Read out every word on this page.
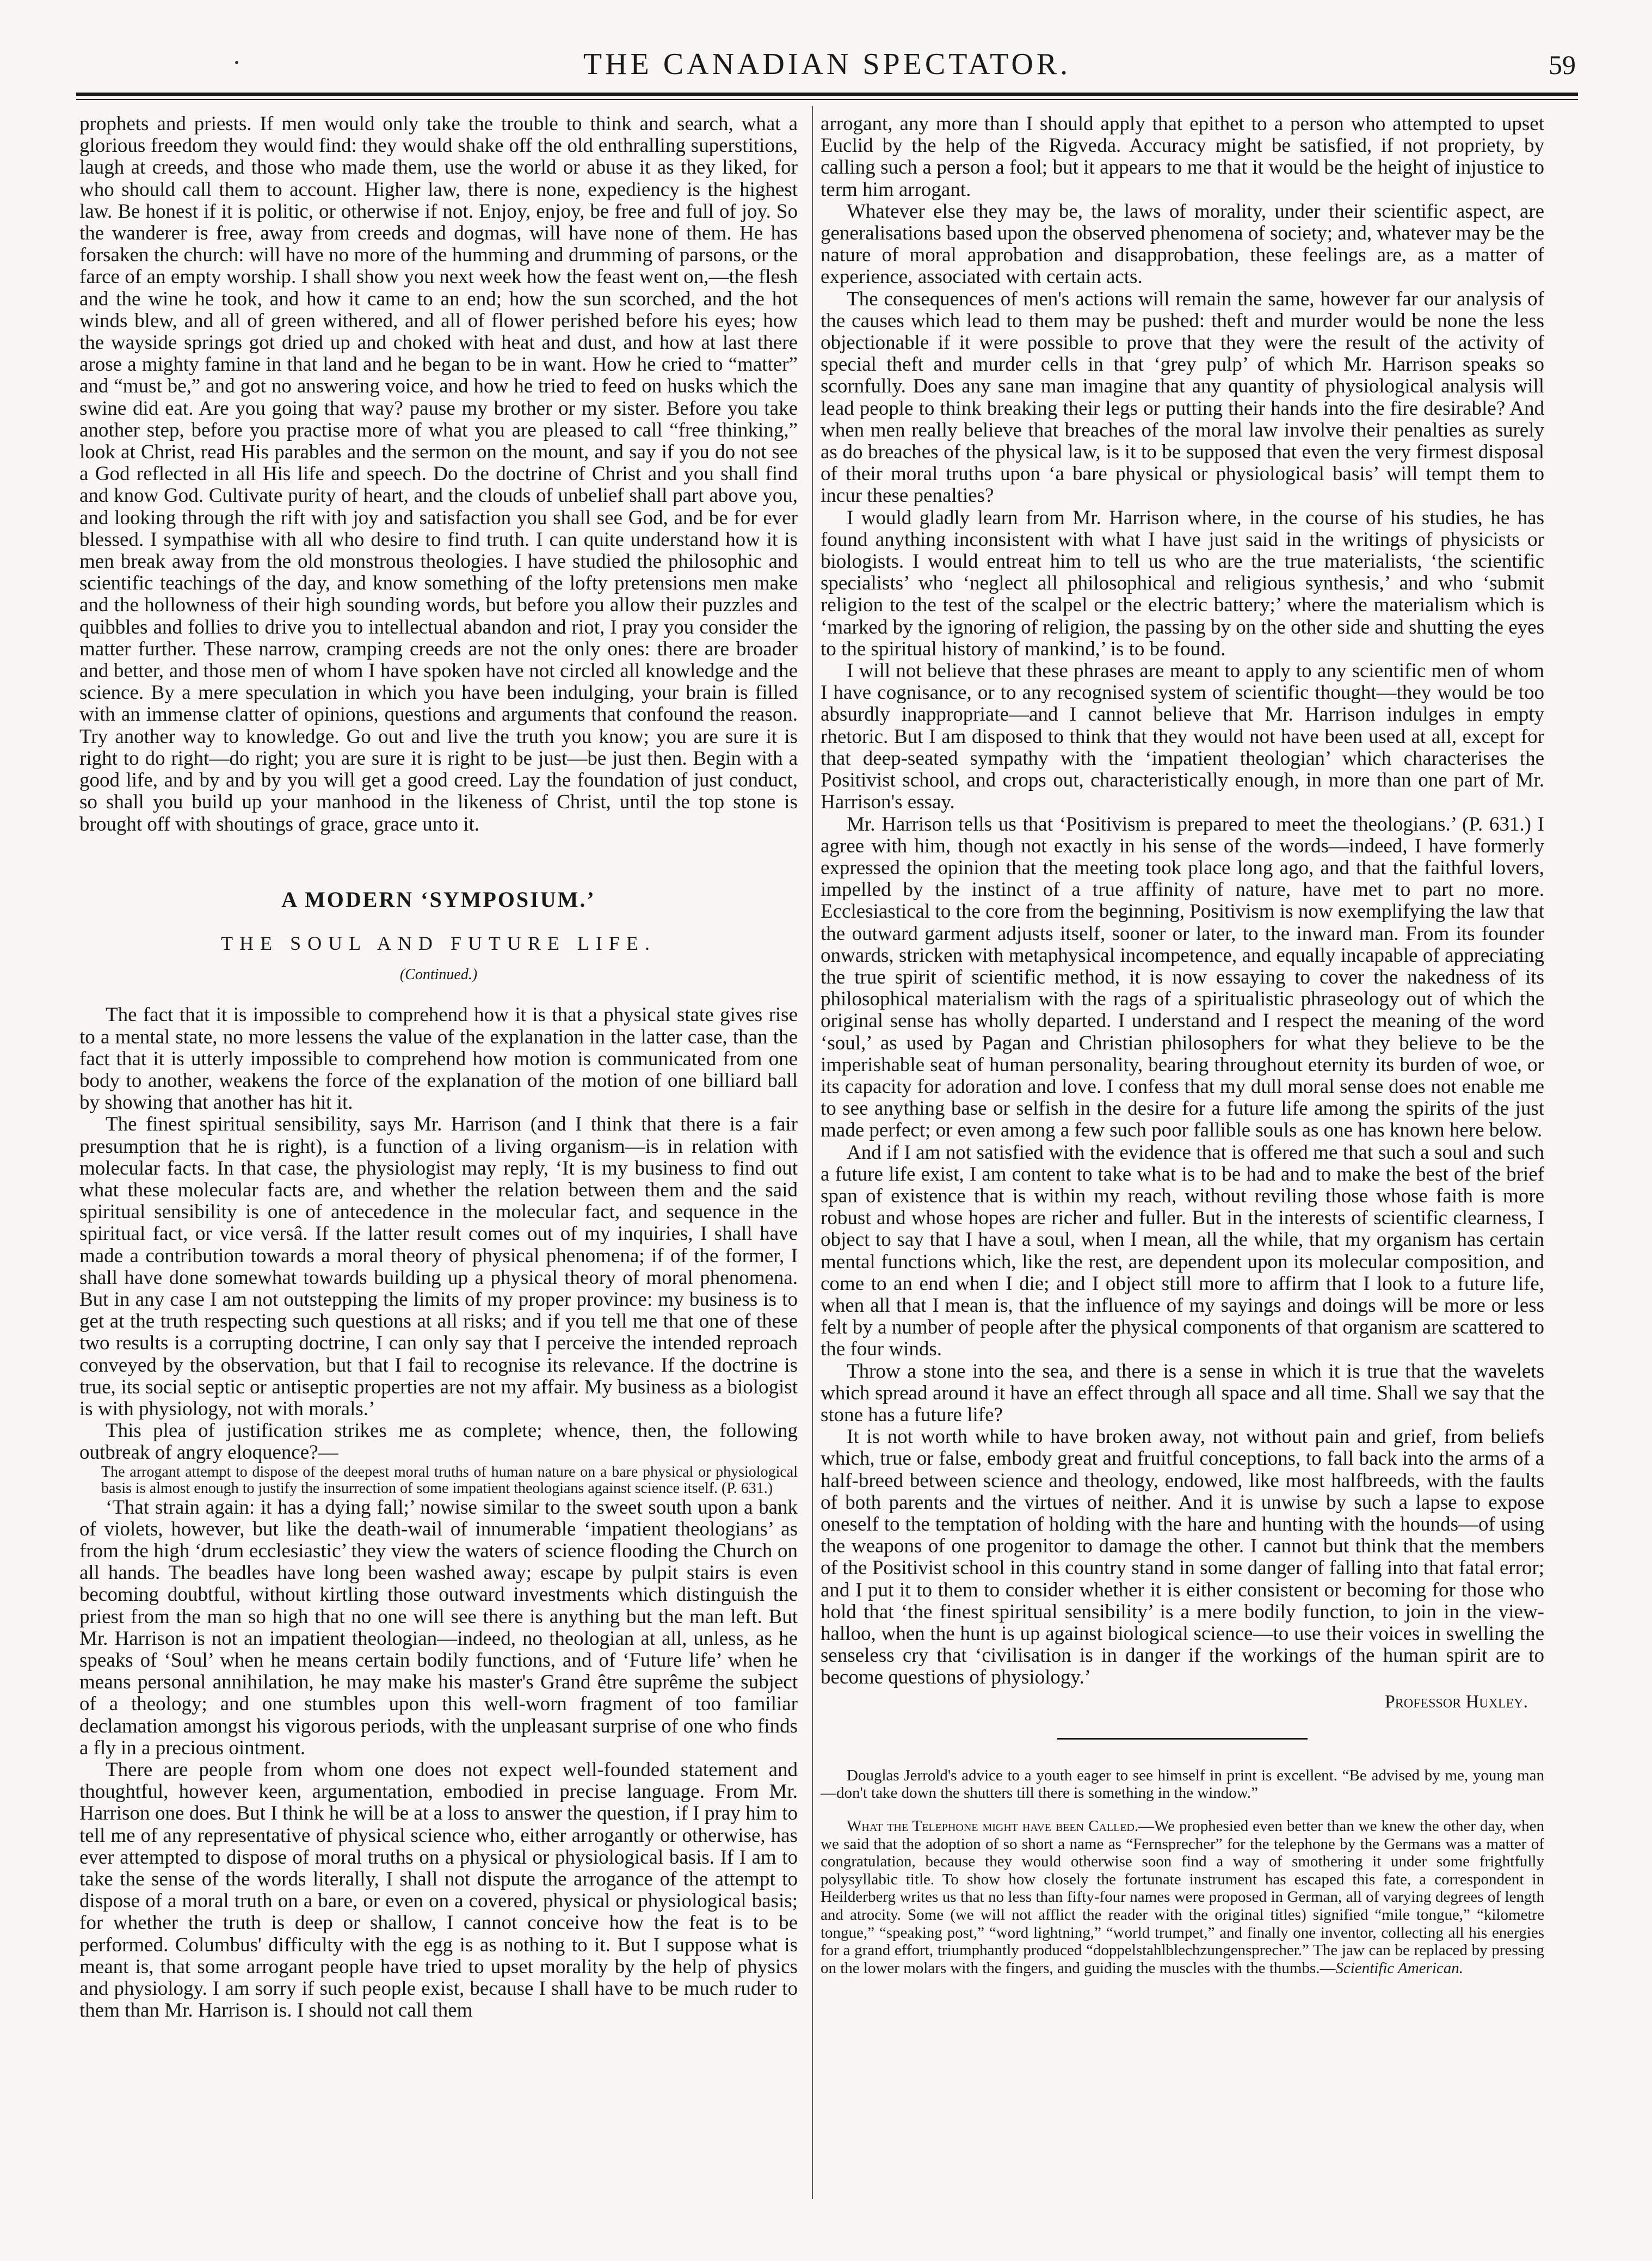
THE CANADIAN SPECTATOR.	59

prophets and priests. If men would only take the trouble to think and search, what a glorious freedom they would find: they would shake off the old enthralling superstitions, laugh at creeds, and those who made them, use the world or abuse it as they liked, for who should call them to account. Higher law, there is none, expediency is the highest law. Be honest if it is politic, or otherwise if not. Enjoy, enjoy, be free and full of joy. So the wanderer is free, away from creeds and dogmas, will have none of them. He has forsaken the church: will have no more of the humming and drumming of parsons, or the farce of an empty worship. I shall show you next week how the feast went on,—the flesh and the wine he took, and how it came to an end; how the sun scorched, and the hot winds blew, and all of green withered, and all of flower perished before his eyes; how the wayside springs got dried up and choked with heat and dust, and how at last there arose a mighty famine in that land and he began to be in want. How he cried to “matter” and “must be,” and got no answering voice, and how he tried to feed on husks which the swine did eat. Are you going that way? pause my brother or my sister. Before you take another step, before you practise more of what you are pleased to call “free thinking,” look at Christ, read His parables and the sermon on the mount, and say if you do not see a God reflected in all His life and speech. Do the doctrine of Christ and you shall find and know God. Cultivate purity of heart, and the clouds of unbelief shall part above you, and looking through the rift with joy and satisfaction you shall see God, and be for ever blessed. I sympathise with all who desire to find truth. I can quite understand how it is men break away from the old monstrous theologies. I have studied the philosophic and scientific teachings of the day, and know something of the lofty pretensions men make and the hollowness of their high sounding words, but before you allow their puzzles and quibbles and follies to drive you to intellectual abandon and riot, I pray you consider the matter further. These narrow, cramping creeds are not the only ones: there are broader and better, and those men of whom I have spoken have not circled all knowledge and the science. By a mere speculation in which you have been indulging, your brain is filled with an immense clatter of opinions, questions and arguments that confound the reason. Try another way to knowledge. Go out and live the truth you know; you are sure it is right to do right—do right; you are sure it is right to be just—be just then. Begin with a good life, and by and by you will get a good creed. Lay the foundation of just conduct, so shall you build up your manhood in the likeness of Christ, until the top stone is brought off with shoutings of grace, grace unto it.

A MODERN ‘SYMPOSIUM.’
THE SOUL AND FUTURE LIFE.
(Continued.)

The fact that it is impossible to comprehend how it is that a physical state gives rise to a mental state, no more lessens the value of the explanation in the latter case, than the fact that it is utterly impossible to comprehend how motion is communicated from one body to another, weakens the force of the explanation of the motion of one billiard ball by showing that another has hit it.

The finest spiritual sensibility, says Mr. Harrison (and I think that there is a fair presumption that he is right), is a function of a living organism—is in relation with molecular facts. In that case, the physiologist may reply, ‘It is my business to find out what these molecular facts are, and whether the relation between them and the said spiritual sensibility is one of antecedence in the molecular fact, and sequence in the spiritual fact, or vice versâ. If the latter result comes out of my inquiries, I shall have made a contribution towards a moral theory of physical phenomena; if of the former, I shall have done somewhat towards building up a physical theory of moral phenomena. But in any case I am not outstepping the limits of my proper province: my business is to get at the truth respecting such questions at all risks; and if you tell me that one of these two results is a corrupting doctrine, I can only say that I perceive the intended reproach conveyed by the observation, but that I fail to recognise its relevance. If the doctrine is true, its social septic or antiseptic properties are not my affair. My business as a biologist is with physiology, not with morals.’

This plea of justification strikes me as complete; whence, then, the following outbreak of angry eloquence?—

The arrogant attempt to dispose of the deepest moral truths of human nature on a bare physical or physiological basis is almost enough to justify the insurrection of some impatient theologians against science itself. (P. 631.)

‘That strain again: it has a dying fall;’ nowise similar to the sweet south upon a bank of violets, however, but like the death-wail of innumerable ‘impatient theologians’ as from the high ‘drum ecclesiastic’ they view the waters of science flooding the Church on all hands. The beadles have long been washed away; escape by pulpit stairs is even becoming doubtful, without kirtling those outward investments which distinguish the priest from the man so high that no one will see there is anything but the man left. But Mr. Harrison is not an impatient theologian—indeed, no theologian at all, unless, as he speaks of ‘Soul’ when he means certain bodily functions, and of ‘Future life’ when he means personal annihilation, he may make his master's Grand être suprême the subject of a theology; and one stumbles upon this well-worn fragment of too familiar declamation amongst his vigorous periods, with the unpleasant surprise of one who finds a fly in a precious ointment.

There are people from whom one does not expect well-founded statement and thoughtful, however keen, argumentation, embodied in precise language. From Mr. Harrison one does. But I think he will be at a loss to answer the question, if I pray him to tell me of any representative of physical science who, either arrogantly or otherwise, has ever attempted to dispose of moral truths on a physical or physiological basis. If I am to take the sense of the words literally, I shall not dispute the arrogance of the attempt to dispose of a moral truth on a bare, or even on a covered, physical or physiological basis; for whether the truth is deep or shallow, I cannot conceive how the feat is to be performed. Columbus' difficulty with the egg is as nothing to it. But I suppose what is meant is, that some arrogant people have tried to upset morality by the help of physics and physiology. I am sorry if such people exist, because I shall have to be much ruder to them than Mr. Harrison is. I should not call them

arrogant, any more than I should apply that epithet to a person who attempted to upset Euclid by the help of the Rigveda. Accuracy might be satisfied, if not propriety, by calling such a person a fool; but it appears to me that it would be the height of injustice to term him arrogant.

Whatever else they may be, the laws of morality, under their scientific aspect, are generalisations based upon the observed phenomena of society; and, whatever may be the nature of moral approbation and disapprobation, these feelings are, as a matter of experience, associated with certain acts.

The consequences of men's actions will remain the same, however far our analysis of the causes which lead to them may be pushed: theft and murder would be none the less objectionable if it were possible to prove that they were the result of the activity of special theft and murder cells in that ‘grey pulp’ of which Mr. Harrison speaks so scornfully. Does any sane man imagine that any quantity of physiological analysis will lead people to think breaking their legs or putting their hands into the fire desirable? And when men really believe that breaches of the moral law involve their penalties as surely as do breaches of the physical law, is it to be supposed that even the very firmest disposal of their moral truths upon ‘a bare physical or physiological basis’ will tempt them to incur these penalties?

I would gladly learn from Mr. Harrison where, in the course of his studies, he has found anything inconsistent with what I have just said in the writings of physicists or biologists. I would entreat him to tell us who are the true materialists, ‘the scientific specialists’ who ‘neglect all philosophical and religious synthesis,’ and who ‘submit religion to the test of the scalpel or the electric battery;’ where the materialism which is ‘marked by the ignoring of religion, the passing by on the other side and shutting the eyes to the spiritual history of mankind,’ is to be found.

I will not believe that these phrases are meant to apply to any scientific men of whom I have cognisance, or to any recognised system of scientific thought—they would be too absurdly inappropriate—and I cannot believe that Mr. Harrison indulges in empty rhetoric. But I am disposed to think that they would not have been used at all, except for that deep-seated sympathy with the ‘impatient theologian’ which characterises the Positivist school, and crops out, characteristically enough, in more than one part of Mr. Harrison's essay.

Mr. Harrison tells us that ‘Positivism is prepared to meet the theologians.’ (P. 631.) I agree with him, though not exactly in his sense of the words—indeed, I have formerly expressed the opinion that the meeting took place long ago, and that the faithful lovers, impelled by the instinct of a true affinity of nature, have met to part no more. Ecclesiastical to the core from the beginning, Positivism is now exemplifying the law that the outward garment adjusts itself, sooner or later, to the inward man. From its founder onwards, stricken with metaphysical incompetence, and equally incapable of appreciating the true spirit of scientific method, it is now essaying to cover the nakedness of its philosophical materialism with the rags of a spiritualistic phraseology out of which the original sense has wholly departed. I understand and I respect the meaning of the word ‘soul,’ as used by Pagan and Christian philosophers for what they believe to be the imperishable seat of human personality, bearing throughout eternity its burden of woe, or its capacity for adoration and love. I confess that my dull moral sense does not enable me to see anything base or selfish in the desire for a future life among the spirits of the just made perfect; or even among a few such poor fallible souls as one has known here below.

And if I am not satisfied with the evidence that is offered me that such a soul and such a future life exist, I am content to take what is to be had and to make the best of the brief span of existence that is within my reach, without reviling those whose faith is more robust and whose hopes are richer and fuller. But in the interests of scientific clearness, I object to say that I have a soul, when I mean, all the while, that my organism has certain mental functions which, like the rest, are dependent upon its molecular composition, and come to an end when I die; and I object still more to affirm that I look to a future life, when all that I mean is, that the influence of my sayings and doings will be more or less felt by a number of people after the physical components of that organism are scattered to the four winds.

Throw a stone into the sea, and there is a sense in which it is true that the wavelets which spread around it have an effect through all space and all time. Shall we say that the stone has a future life?

It is not worth while to have broken away, not without pain and grief, from beliefs which, true or false, embody great and fruitful conceptions, to fall back into the arms of a half-breed between science and theology, endowed, like most halfbreeds, with the faults of both parents and the virtues of neither. And it is unwise by such a lapse to expose oneself to the temptation of holding with the hare and hunting with the hounds—of using the weapons of one progenitor to damage the other. I cannot but think that the members of the Positivist school in this country stand in some danger of falling into that fatal error; and I put it to them to consider whether it is either consistent or becoming for those who hold that ‘the finest spiritual sensibility’ is a mere bodily function, to join in the view-halloo, when the hunt is up against biological science—to use their voices in swelling the senseless cry that ‘civilisation is in danger if the workings of the human spirit are to become questions of physiology.’

Professor Huxley.

Douglas Jerrold's advice to a youth eager to see himself in print is excellent. “Be advised by me, young man—don't take down the shutters till there is something in the window.”

What the Telephone might have been Called.—We prophesied even better than we knew the other day, when we said that the adoption of so short a name as “Fernsprecher” for the telephone by the Germans was a matter of congratulation, because they would otherwise soon find a way of smothering it under some frightfully polysyllabic title. To show how closely the fortunate instrument has escaped this fate, a correspondent in Heilderberg writes us that no less than fifty-four names were proposed in German, all of varying degrees of length and atrocity. Some (we will not afflict the reader with the original titles) signified “mile tongue,” “kilometre tongue,” “speaking post,” “word lightning,” “world trumpet,” and finally one inventor, collecting all his energies for a grand effort, triumphantly produced “doppelstahlblechzungensprecher.” The jaw can be replaced by pressing on the lower molars with the fingers, and guiding the muscles with the thumbs.—Scientific American.
